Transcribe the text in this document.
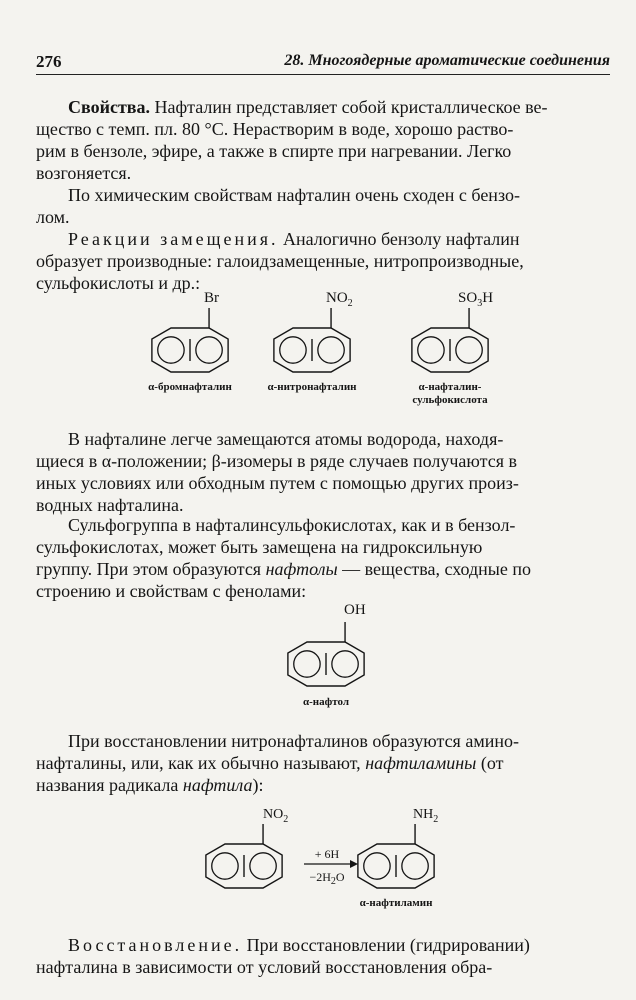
276	28. Многоядерные ароматические соединения

Свойства. Нафталин представляет собой кристаллическое ве-
щество с темп. пл. 80 °С. Нерастворим в воде, хорошо раство-
рим в бензоле, эфире, а также в спирте при нагревании. Легко
возгоняется.

По химическим свойствам нафталин очень сходен с бензо-
лом.

Реакции замещения. Аналогично бензолу нафталин
образует производные: галоидзамещенные, нитропроизводные,
сульфокислоты и др.:

Br	$NO_2$	$SO_3H$
α-бромнафталин	α-нитронафталин	α-нафталин-
сульфокислота
OH
α-нафтол
$NO_2$	$NH_2$
+ 6H
$-2H_2O$
α-нафтиламин

В нафталине легче замещаются атомы водорода, находя-
щиеся в α-положении; β-изомеры в ряде случаев получаются в
иных условиях или обходным путем с помощью других произ-
водных нафталина.

Сульфогруппа в нафталинсульфокислотах, как и в бензол-
сульфокислотах, может быть замещена на гидроксильную
группу. При этом образуются нафтолы — вещества, сходные по
строению и свойствам с фенолами:

При восстановлении нитронафталинов образуются амино-
нафталины, или, как их обычно называют, нафтиламины (от
названия радикала нафтила):

Восстановление. При восстановлении (гидрировании)
нафталина в зависимости от условий восстановления обра-
